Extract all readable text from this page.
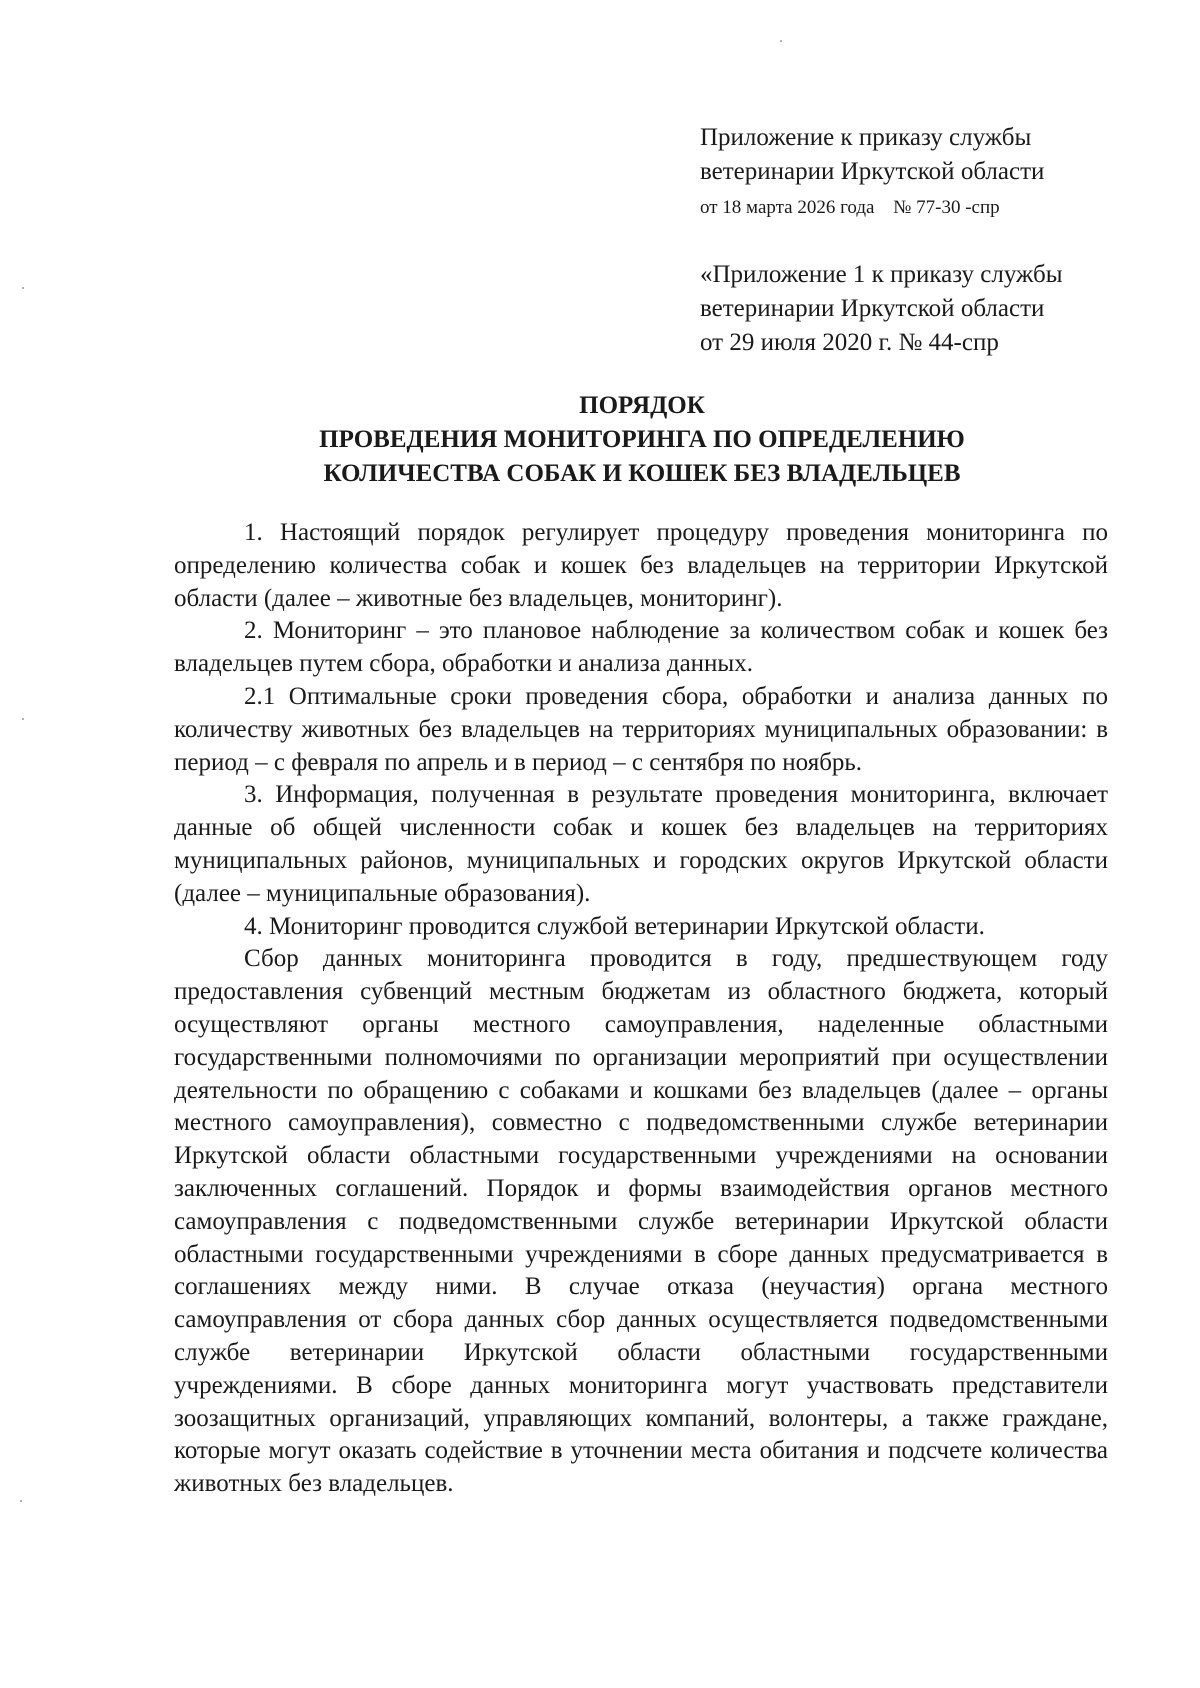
Приложение к приказу службы
ветеринарии Иркутской области
от 18 марта 2026 года № 77-30 -спр
«Приложение 1 к приказу службы
ветеринарии Иркутской области
от 29 июля 2020 г. № 44-спр
ПОРЯДОК
ПРОВЕДЕНИЯ МОНИТОРИНГА ПО ОПРЕДЕЛЕНИЮ
КОЛИЧЕСТВА СОБАК И КОШЕК БЕЗ ВЛАДЕЛЬЦЕВ

1. Настоящий порядок регулирует процедуру проведения мониторинга по определению количества собак и кошек без владельцев на территории Иркутской области (далее – животные без владельцев, мониторинг).

2. Мониторинг – это плановое наблюдение за количеством собак и кошек без владельцев путем сбора, обработки и анализа данных.

2.1 Оптимальные сроки проведения сбора, обработки и анализа данных по количеству животных без владельцев на территориях муниципальных образовании: в период – с февраля по апрель и в период – с сентября по ноябрь.

3. Информация, полученная в результате проведения мониторинга, включает данные об общей численности собак и кошек без владельцев на территориях муниципальных районов, муниципальных и городских округов Иркутской области (далее – муниципальные образования).

4. Мониторинг проводится службой ветеринарии Иркутской области.

Сбор данных мониторинга проводится в году, предшествующем году предоставления субвенций местным бюджетам из областного бюджета, который осуществляют органы местного самоуправления, наделенные областными государственными полномочиями по организации мероприятий при осуществлении деятельности по обращению с собаками и кошками без владельцев (далее – органы местного самоуправления), совместно с подведомственными службе ветеринарии Иркутской области областными государственными учреждениями на основании заключенных соглашений. Порядок и формы взаимодействия органов местного самоуправления с подведомственными службе ветеринарии Иркутской области областными государственными учреждениями в сборе данных предусматривается в соглашениях между ними. В случае отказа (неучастия) органа местного самоуправления от сбора данных сбор данных осуществляется подведомственными службе ветеринарии Иркутской области областными государственными учреждениями. В сборе данных мониторинга могут участвовать представители зоозащитных организаций, управляющих компаний, волонтеры, а также граждане, которые могут оказать содействие в уточнении места обитания и подсчете количества животных без владельцев.
